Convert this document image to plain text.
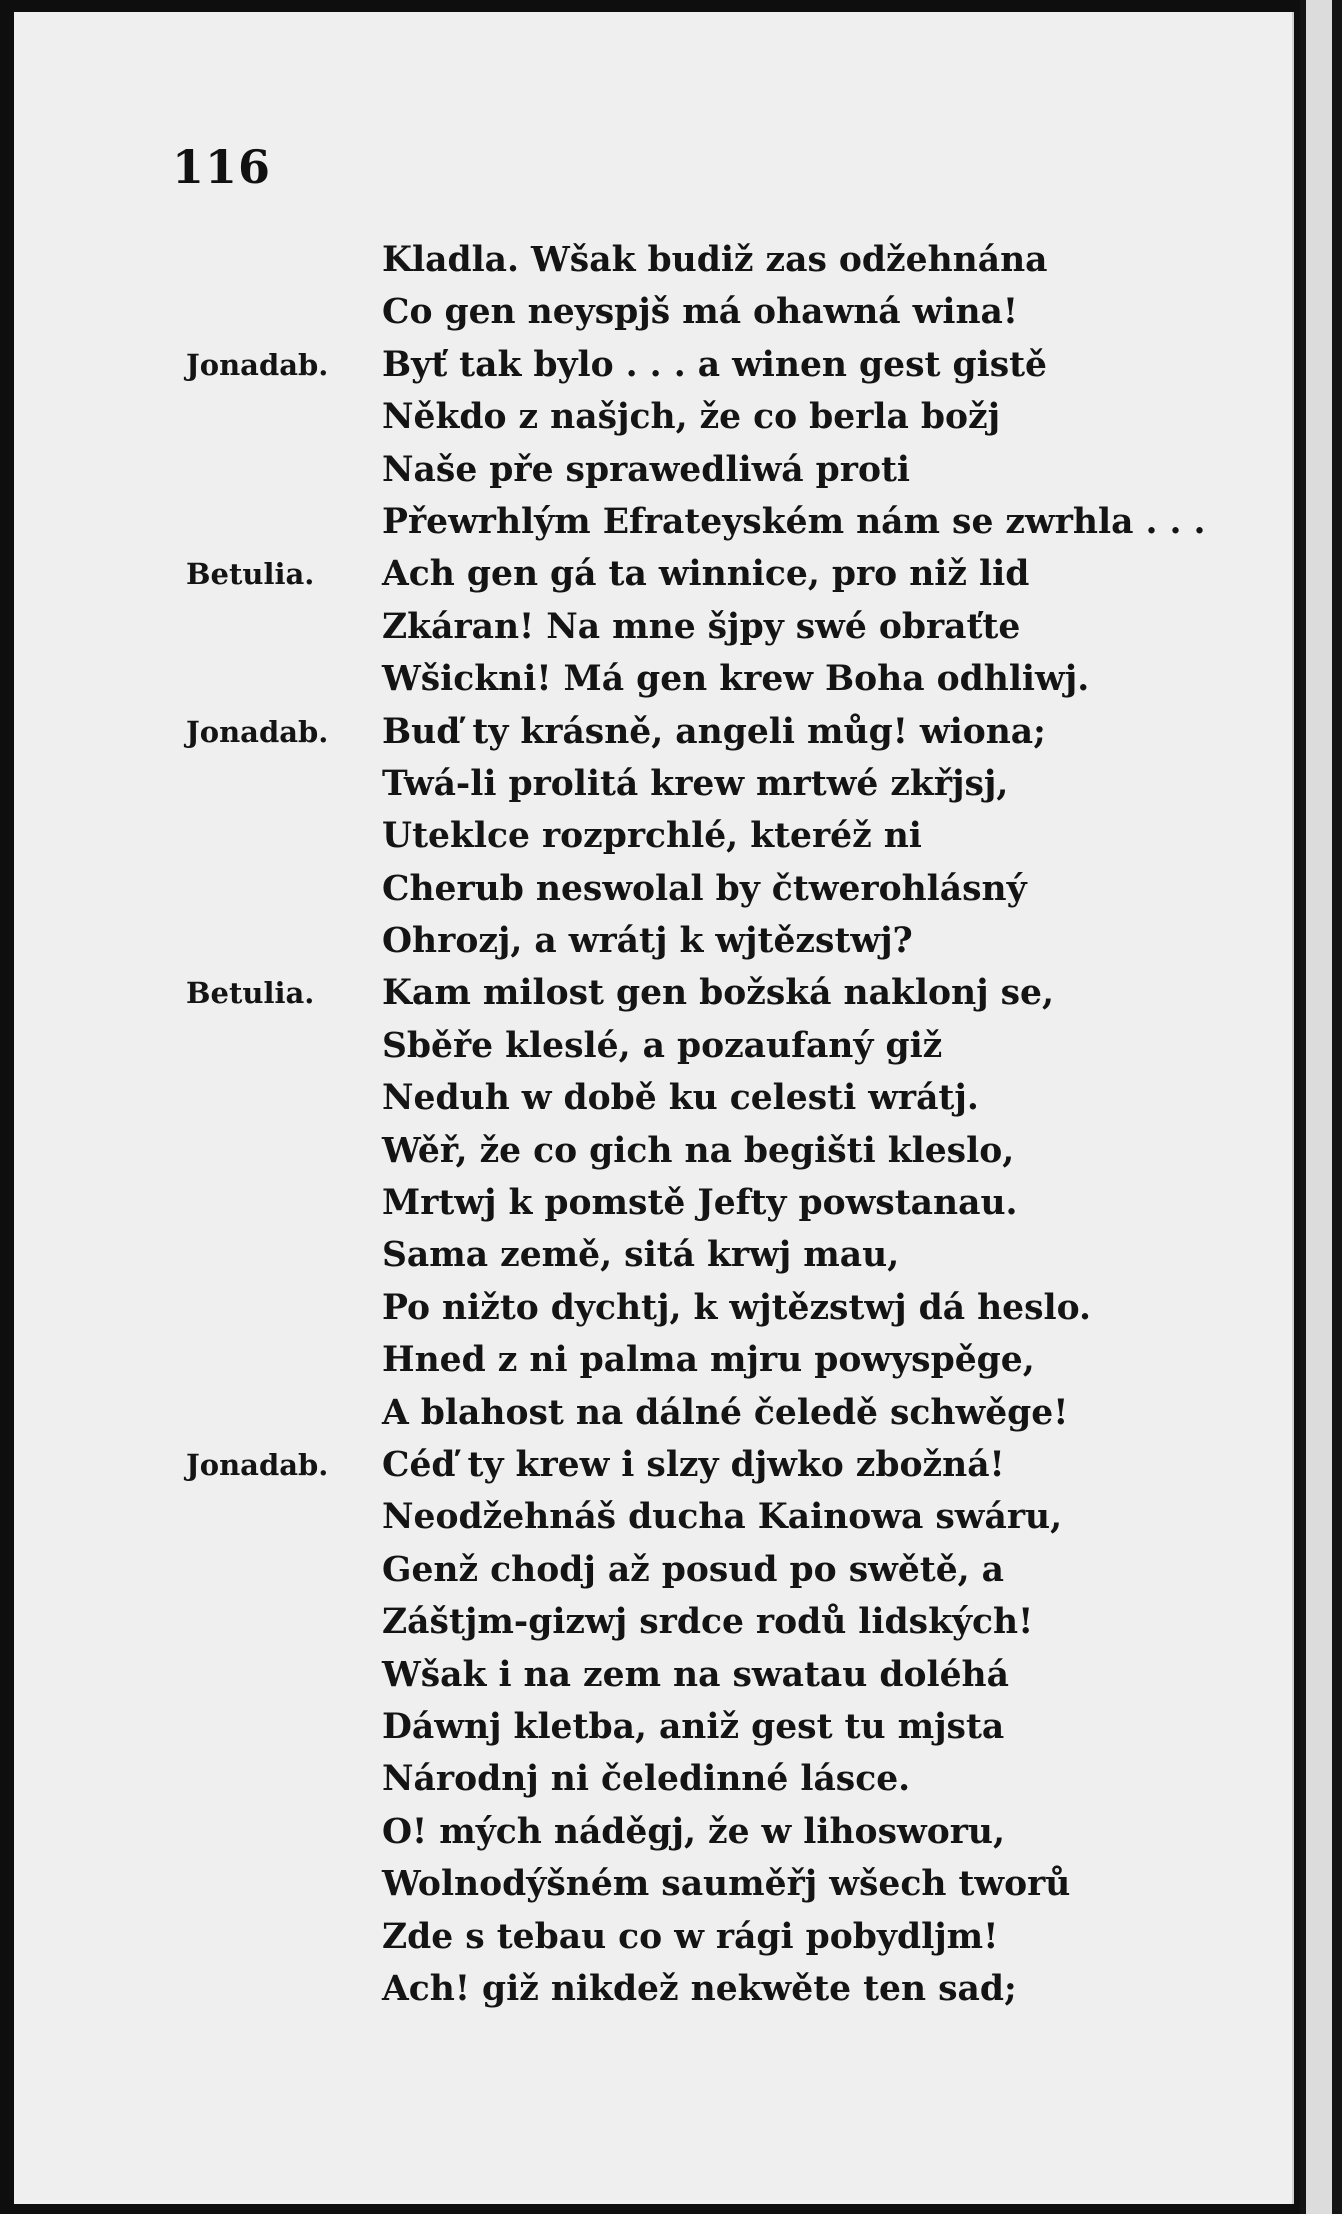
116
Kladla. Wšak budiž zas odžehnána
Co gen neyspjš má ohawná wina!
Jonadab.	Byť tak bylo . . . a winen gest gistě
Někdo z našjch, že co berla božj
Naše pře sprawedliwá proti
Přewrhlým Efrateyském nám se zwrhla . . .
Betulia.	Ach gen gá ta winnice, pro niž lid
Zkáran! Na mne šjpy swé obraťte
Wšickni! Má gen krew Boha odhliwj.
Jonadab.	Buď ty krásně, angeli můg! wiona;
Twá-li prolitá krew mrtwé zkřjsj,
Uteklce rozprchlé, kteréž ni
Cherub neswolal by čtwerohlásný
Ohrozj, a wrátj k wjtězstwj?
Betulia.	Kam milost gen božská naklonj se,
Sběře kleslé, a pozaufaný giž
Neduh w době ku celesti wrátj.
Wěř, že co gich na begišti kleslo,
Mrtwj k pomstě Jefty powstanau.
Sama země, sitá krwj mau,
Po nižto dychtj, k wjtězstwj dá heslo.
Hned z ni palma mjru powyspěge,
A blahost na dálné čeledě schwěge!
Jonadab.	Céď ty krew i slzy djwko zbožná!
Neodžehnáš ducha Kainowa swáru,
Genž chodj až posud po swětě, a
Záštjm-gizwj srdce rodů lidských!
Wšak i na zem na swatau doléhá
Dáwnj kletba, aniž gest tu mjsta
Národnj ni čeledinné lásce.
O! mých náděgj, že w lihosworu,
Wolnodýšném sauměřj wšech tworů
Zde s tebau co w rági pobydljm!
Ach! giž nikdež nekwěte ten sad;
